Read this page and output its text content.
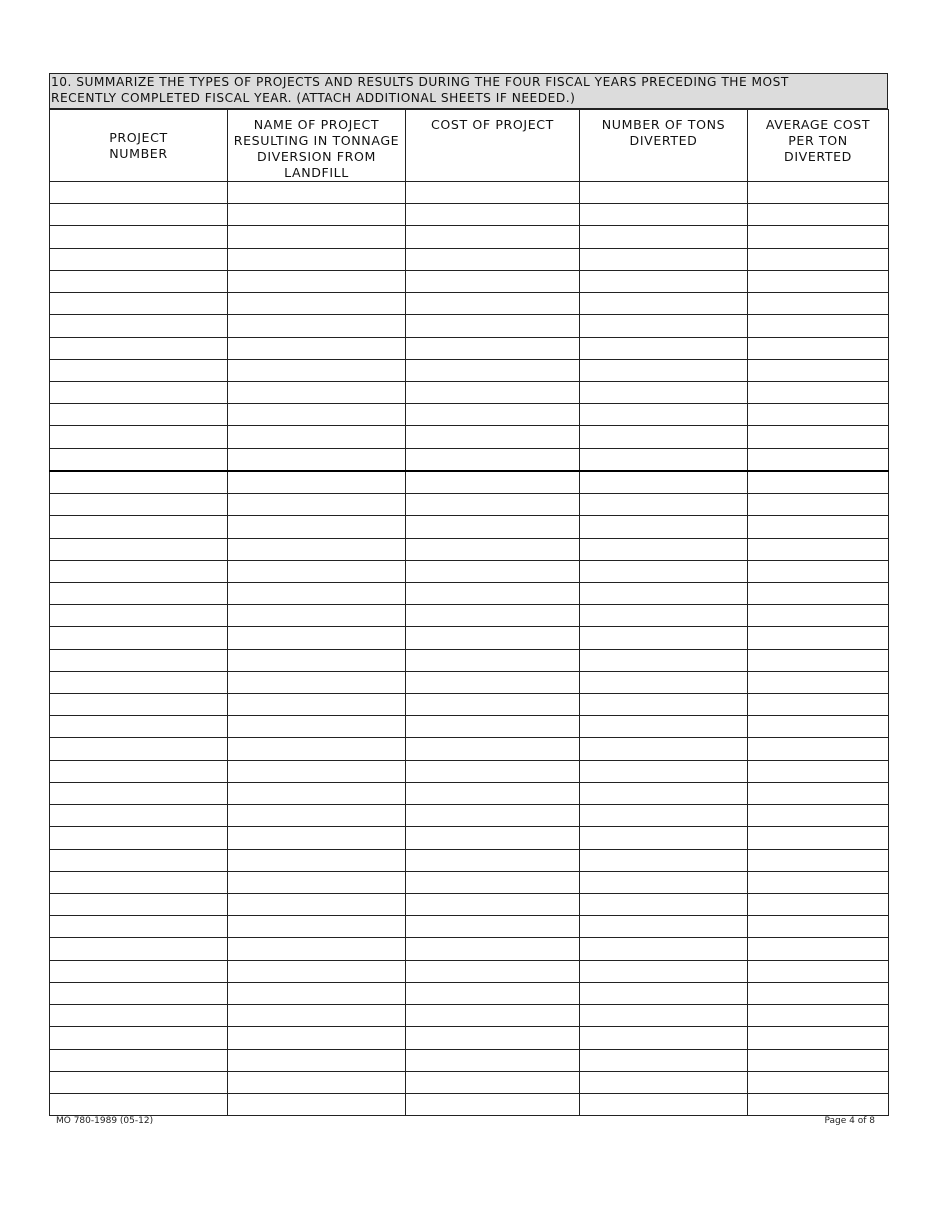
10. SUMMARIZE THE TYPES OF PROJECTS AND RESULTS DURING THE FOUR FISCAL YEARS PRECEDING THE MOST
RECENTLY COMPLETED FISCAL YEAR. (ATTACH ADDITIONAL SHEETS IF NEEDED.)
PROJECT
NUMBER	NAME OF PROJECT
RESULTING IN TONNAGE
DIVERSION FROM
LANDFILL	COST OF PROJECT	NUMBER OF TONS
DIVERTED	AVERAGE COST
PER TON
DIVERTED

MO 780-1989 (05-12)	Page 4 of 8
